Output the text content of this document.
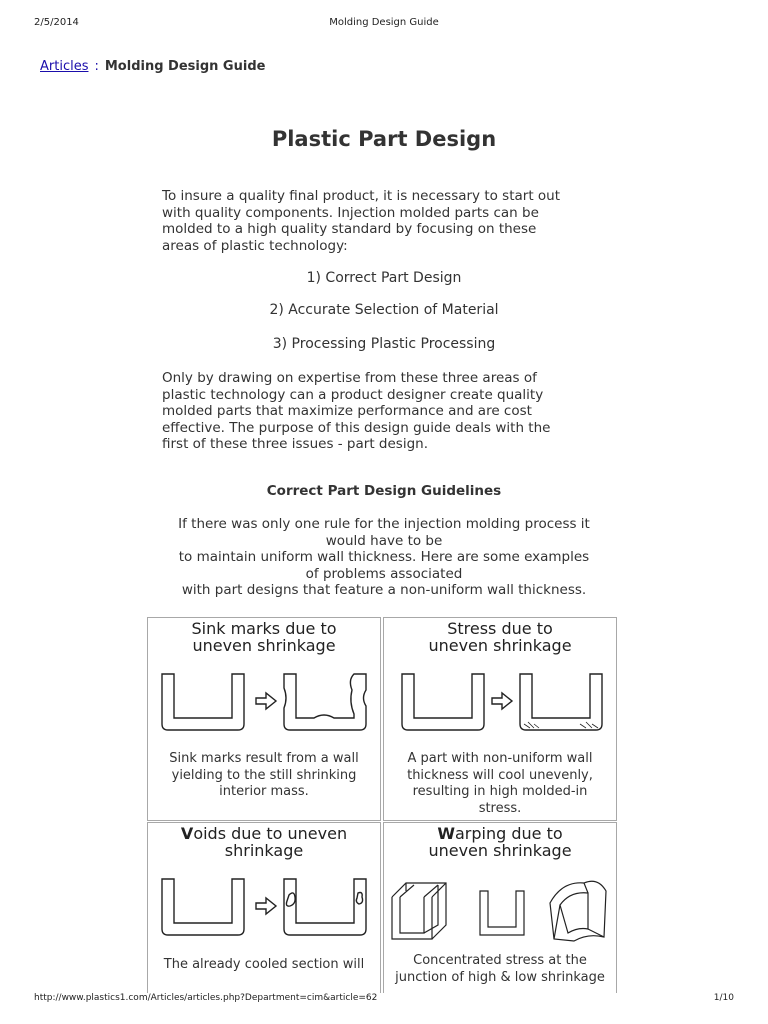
2/5/2014	Molding Design Guide
Articles : Molding Design Guide
Plastic Part Design
To insure a quality final product, it is necessary to start out
with quality components. Injection molded parts can be
molded to a high quality standard by focusing on these
areas of plastic technology:
1) Correct Part Design
2) Accurate Selection of Material
3) Processing Plastic Processing
Only by drawing on expertise from these three areas of
plastic technology can a product designer create quality
molded parts that maximize performance and are cost
effective. The purpose of this design guide deals with the
first of these three issues - part design.
Correct Part Design Guidelines
If there was only one rule for the injection molding process it
would have to be
to maintain uniform wall thickness. Here are some examples
of problems associated
with part designs that feature a non-uniform wall thickness.
Sink marks due to
uneven shrinkage
Sink marks result from a wall
yielding to the still shrinking
interior mass.
Stress due to
uneven shrinkage
A part with non-uniform wall
thickness will cool unevenly,
resulting in high molded-in
stress.
Voids due to uneven
shrinkage
The already cooled section will
Warping due to
uneven shrinkage
Concentrated stress at the
junction of high & low shrinkage
http://www.plastics1.com/Articles/articles.php?Department=cim&article=62	1/10
